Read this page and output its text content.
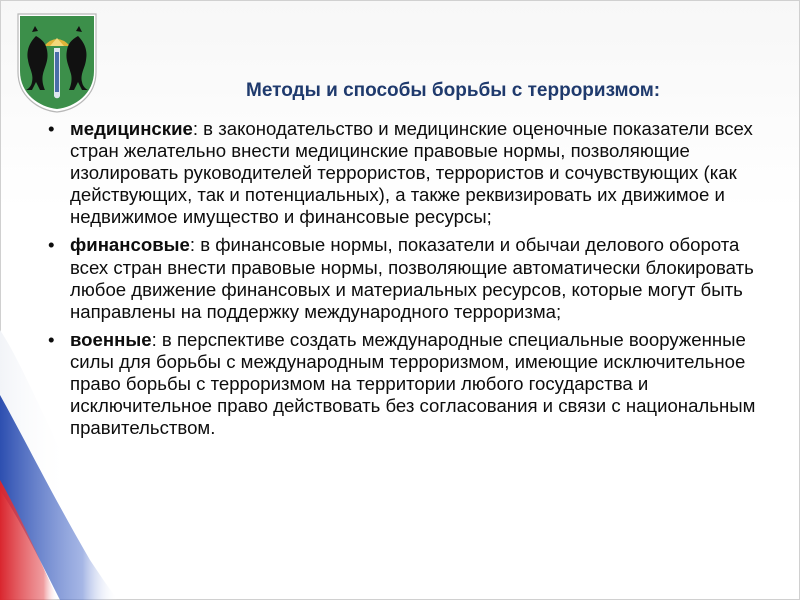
Методы и способы борьбы с терроризмом:
• медицинские: в законодательство и медицинские оценочные показатели всех стран желательно внести медицинские правовые нормы, позволяющие изолировать руководителей террористов, террористов и сочувствующих (как действующих, так и потенциальных), а также реквизировать их движимое и недвижимое имущество и финансовые ресурсы;
• финансовые: в финансовые нормы, показатели и обычаи делового оборота всех стран внести правовые нормы, позволяющие автоматически блокировать любое движение финансовых и материальных ресурсов, которые могут быть направлены на поддержку международного терроризма;
• военные: в перспективе создать международные специальные вооруженные силы для борьбы с международным терроризмом, имеющие исключительное право борьбы с терроризмом на территории любого государства и исключительное право действовать без согласования и связи с национальным правительством.
